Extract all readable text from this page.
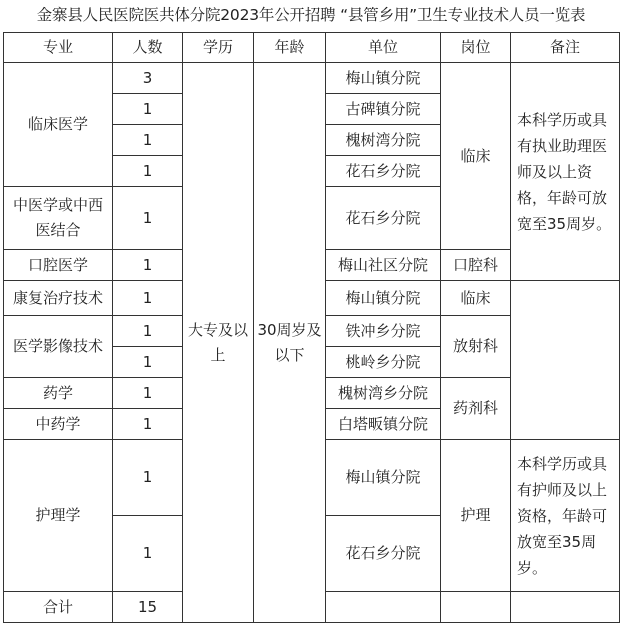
金寨县人民医院医共体分院2023年公开招聘 “县管乡用”卫生专业技术人员一览表
专业	人数	学历	年龄	单位	岗位	备注	
临床医学	3	大专及以上	30周岁及以下	梅山镇分院	临床	本科学历或具有执业助理医师及以上资格，年龄可放宽至35周岁。	
	1			古碑镇分院			
	1			槐树湾分院			
	1			花石乡分院			
中医学或中西医结合	1			花石乡分院			
口腔医学	1			梅山社区分院	口腔科		
康复治疗技术	1			梅山镇分院	临床		
医学影像技术	1			铁冲乡分院	放射科		
	1			桃岭乡分院			
药学	1			槐树湾乡分院	药剂科		
中药学	1			白塔畈镇分院			
护理学	1			梅山镇分院	护理	本科学历或具有护师及以上资格，年龄可放宽至35周岁。	
	1			花石乡分院			
合计	15						
